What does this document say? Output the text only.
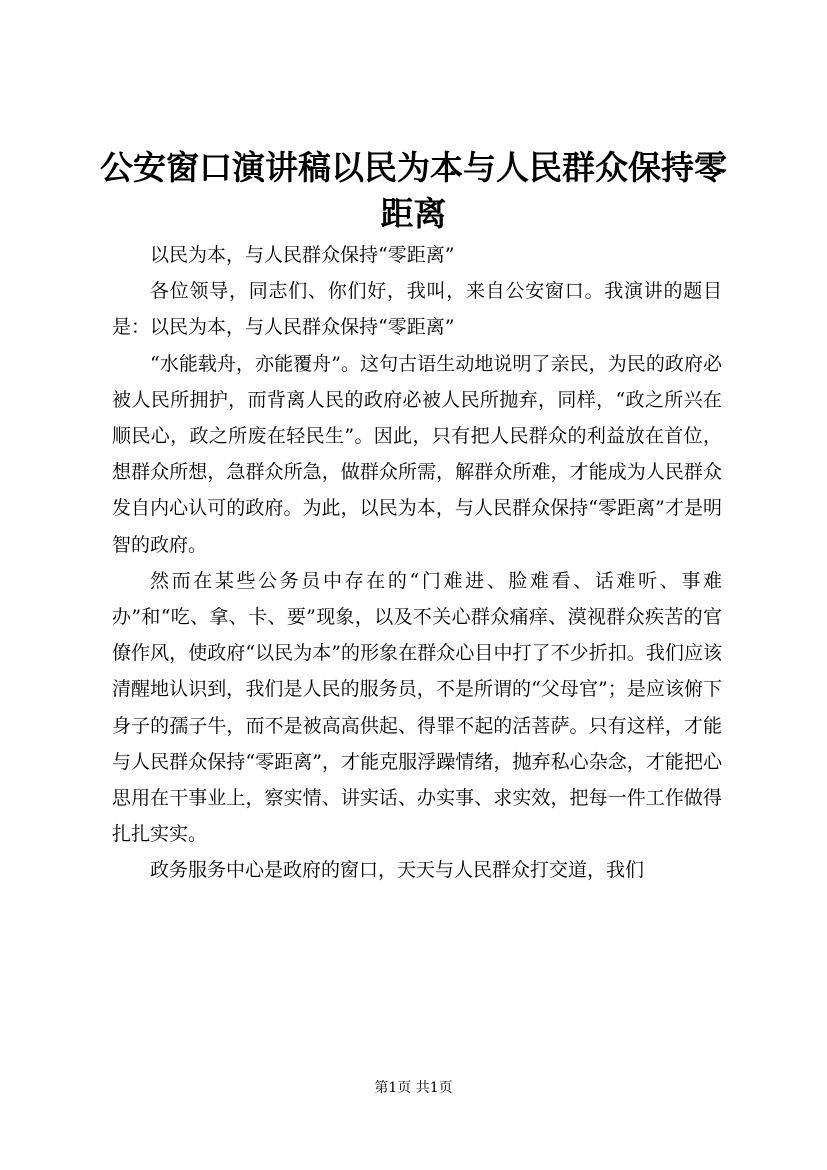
公安窗口演讲稿以民为本与人民群众保持零距离

以民为本，与人民群众保持“零距离”

各位领导，同志们、你们好，我叫，来自公安窗口。我演讲的题目是：以民为本，与人民群众保持“零距离”

“水能载舟，亦能覆舟”。这句古语生动地说明了亲民，为民的政府必被人民所拥护，而背离人民的政府必被人民所抛弃，同样，“政之所兴在顺民心，政之所废在轻民生”。因此，只有把人民群众的利益放在首位，想群众所想，急群众所急，做群众所需，解群众所难，才能成为人民群众发自内心认可的政府。为此，以民为本，与人民群众保持“零距离”才是明智的政府。

然而在某些公务员中存在的“门难进、脸难看、话难听、事难办”和“吃、拿、卡、要”现象，以及不关心群众痛痒、漠视群众疾苦的官僚作风，使政府“以民为本”的形象在群众心目中打了不少折扣。我们应该清醒地认识到，我们是人民的服务员，不是所谓的“父母官”；是应该俯下身子的孺子牛，而不是被高高供起、得罪不起的活菩萨。只有这样，才能与人民群众保持“零距离”，才能克服浮躁情绪，抛弃私心杂念，才能把心思用在干事业上，察实情、讲实话、办实事、求实效，把每一件工作做得扎扎实实。

政务服务中心是政府的窗口，天天与人民群众打交道，我们

第1页 共1页
